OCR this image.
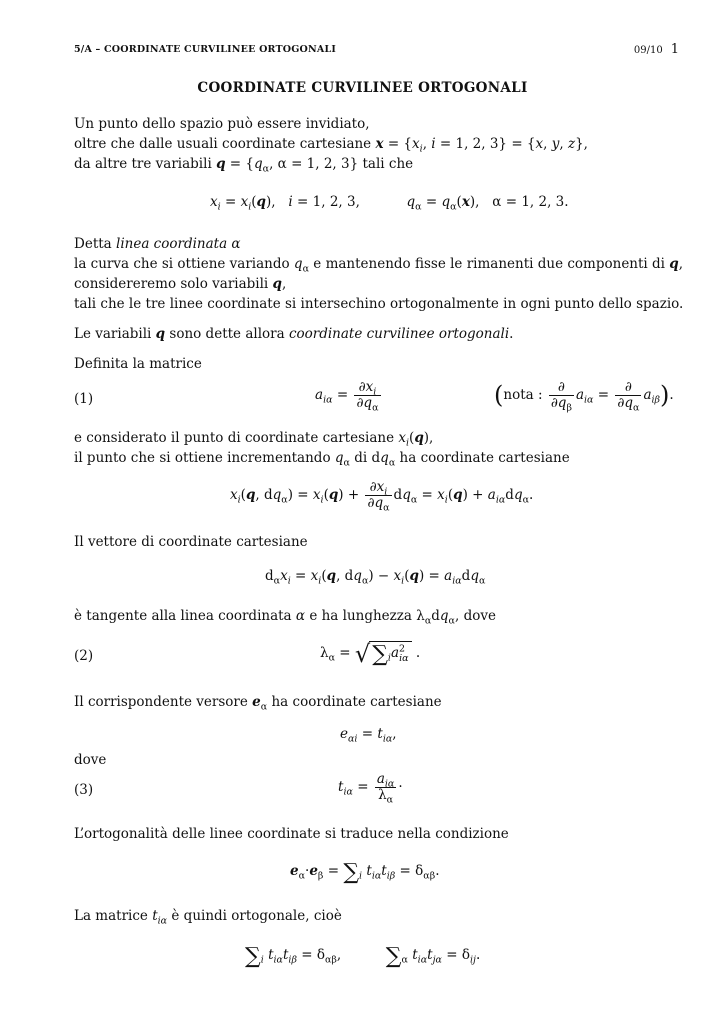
5/A – COORDINATE CURVILINEE ORTOGONALI	09/10 1
COORDINATE CURVILINEE ORTOGONALI
Un punto dello spazio può essere invidiato,
oltre che dalle usuali coordinate cartesiane $x = \{x_i$, i = 1, 2, 3} = {x, y, z},
da altre tre variabili $q = \{q_\alpha$, α = 1, 2, 3} tali che
$x_i = x_i(q)$,   i = 1, 2, 3,	$q_\alpha = q_\alpha(x)$,   α = 1, 2, 3.
Detta linea coordinata α
la curva che si ottiene variando $q_\alpha$ e mantenendo fisse le rimanenti due componenti di q,
considereremo solo variabili q,
tali che le tre linee coordinate si intersechino ortogonalmente in ogni punto dello spazio.
Le variabili q sono dette allora coordinate curvilinee ortogonali.
Definita la matrice
(1)	$a_{i\alpha} = \frac{\partial x_i}{\partial q_\alpha}$	(nota : $\frac{\partial}{\partial q_\beta} a_{i\alpha} = \frac{\partial}{\partial q_\alpha} a_{i\beta}$).
e considerato il punto di coordinate cartesiane $x_i(q)$,
il punto che si ottiene incrementando $q_\alpha$ di $dq_\alpha$ ha coordinate cartesiane
$x_i(q$, $dq_\alpha) = x_i(q) + \frac{\partial x_i}{\partial q_\alpha} dq_\alpha = x_i(q) + a_{i\alpha}dq_\alpha$.
Il vettore di coordinate cartesiane
$d_\alpha x_i = x_i(q$, $dq_\alpha) - x_i(q) = a_{i\alpha}dq_\alpha$
è tangente alla linea coordinata α e ha lunghezza $\lambda_\alpha dq_\alpha$, dove
(2)	$\lambda_\alpha = √\sum_ia^2_{i\alpha}$ .
Il corrispondente versore $e_\alpha$ ha coordinate cartesiane
$e_{\alpha i} = t_{i\alpha}$,
dove
(3)	$t_{i\alpha} = \frac{a_{i\alpha}}{\lambda_\alpha}$ ·
L’ortogonalità delle linee coordinate si traduce nella condizione
$e_\alpha\cdot e_\beta = \sum_i$ $t_{i\alpha}t_{i\beta} = \delta_{\alpha\beta}$.
La matrice $t_{i\alpha}$ è quindi ortogonale, cioè
$\sum_i$ $t_{i\alpha}t_{i\beta} = \delta_{\alpha\beta}$,  $\sum_\alpha$ $t_{i\alpha}t_{j\alpha} = \delta_{ij}$.
